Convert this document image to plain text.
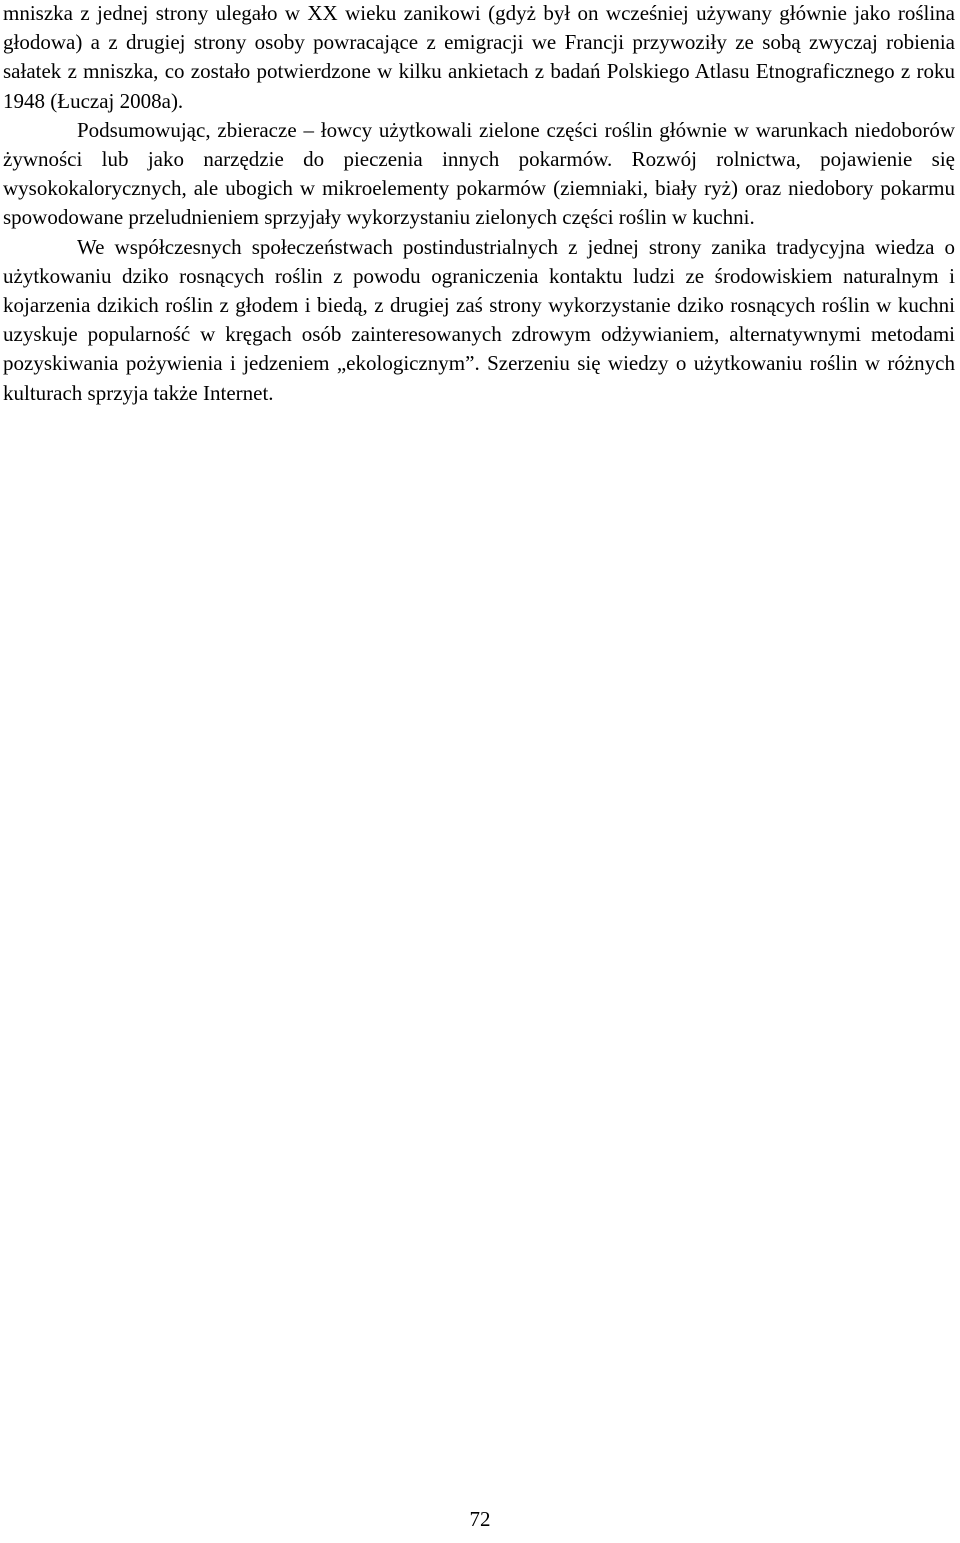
mniszka z jednej strony ulegało w XX wieku zanikowi (gdyż był on wcześniej używany głównie jako roślina głodowa) a z drugiej strony osoby powracające z emigracji we Francji przywoziły ze sobą zwyczaj robienia sałatek z mniszka, co zostało potwierdzone w kilku ankietach z badań Polskiego Atlasu Etnograficznego z roku 1948 (Łuczaj 2008a).

Podsumowując, zbieracze – łowcy użytkowali zielone części roślin głównie w warunkach niedoborów żywności lub jako narzędzie do pieczenia innych pokarmów. Rozwój rolnictwa, pojawienie się wysokokalorycznych, ale ubogich w mikroelementy pokarmów (ziemniaki, biały ryż) oraz niedobory pokarmu spowodowane przeludnieniem sprzyjały wykorzystaniu zielonych części roślin w kuchni.

We współczesnych społeczeństwach postindustrialnych z jednej strony zanika tradycyjna wiedza o użytkowaniu dziko rosnących roślin z powodu ograniczenia kontaktu ludzi ze środowiskiem naturalnym i kojarzenia dzikich roślin z głodem i biedą, z drugiej zaś strony wykorzystanie dziko rosnących roślin w kuchni uzyskuje popularność w kręgach osób zainteresowanych zdrowym odżywianiem, alternatywnymi metodami pozyskiwania pożywienia i jedzeniem „ekologicznym”. Szerzeniu się wiedzy o użytkowaniu roślin w różnych kulturach sprzyja także Internet.

72
